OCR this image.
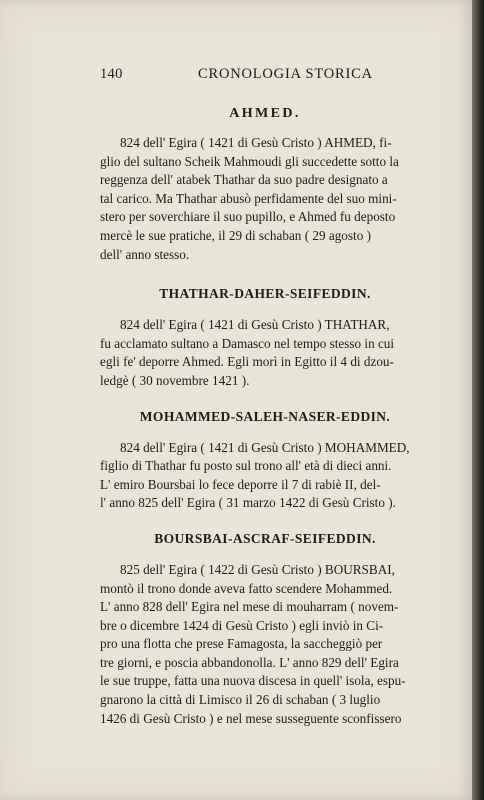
140	CRONOLOGIA STORICA
AHMED.

824 dell' Egira ( 1421 di Gesù Cristo ) AHMED, fi-
glio del sultano Scheik Mahmoudi gli succedette sotto la
reggenza dell' atabek Thathar da suo padre designato a
tal carico. Ma Thathar abusò perfidamente del suo mini-
stero per soverchiare il suo pupillo, e Ahmed fu deposto
mercè le sue pratiche, il 29 di schaban ( 29 agosto )
dell' anno stesso.

THATHAR-DAHER-SEIFEDDIN.

824 dell' Egira ( 1421 di Gesù Cristo ) THATHAR,
fu acclamato sultano a Damasco nel tempo stesso in cui
egli fe' deporre Ahmed. Egli morì in Egitto il 4 di dzou-
ledgè ( 30 novembre 1421 ).

MOHAMMED-SALEH-NASER-EDDIN.

824 dell' Egira ( 1421 di Gesù Cristo ) MOHAMMED,
figlio di Thathar fu posto sul trono all' età di dieci anni.
L' emiro Boursbai lo fece deporre il 7 di rabiè II, del-
l' anno 825 dell' Egira ( 31 marzo 1422 di Gesù Cristo ).

BOURSBAI-ASCRAF-SEIFEDDIN.

825 dell' Egira ( 1422 di Gesù Cristo ) BOURSBAI,
montò il trono donde aveva fatto scendere Mohammed.
L' anno 828 dell' Egira nel mese di mouharram ( novem-
bre o dicembre 1424 di Gesù Cristo ) egli inviò in Ci-
pro una flotta che prese Famagosta, la saccheggiò per
tre giorni, e poscia abbandonolla. L' anno 829 dell' Egira
le sue truppe, fatta una nuova discesa in quell' isola, espu-
gnarono la città di Limisco il 26 di schaban ( 3 luglio
1426 di Gesù Cristo ) e nel mese susseguente sconfissero
